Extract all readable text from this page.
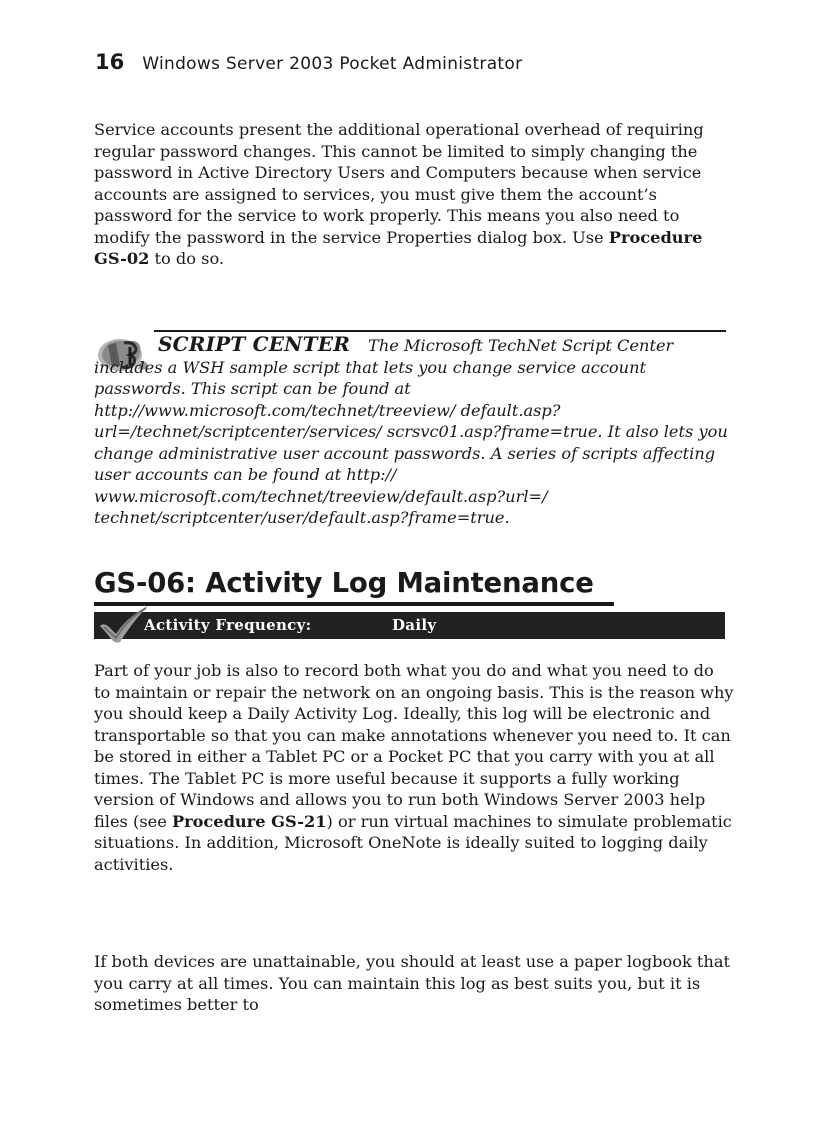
16 Windows Server 2003 Pocket Administrator

Service accounts present the additional operational overhead of requiring regular password changes. This cannot be limited to simply changing the password in Active Directory Users and Computers because when service accounts are assigned to services, you must give them the account’s password for the service to work properly. This means you also need to modify the password in the service Properties dialog box. Use Procedure GS-02 to do so.

SCRIPT CENTER The Microsoft TechNet Script Center includes a WSH sample script that lets you change service account passwords. This script can be found at http://www.microsoft.com/technet/treeview/ default.asp?url=/technet/scriptcenter/services/ scrsvc01.asp?frame=true. It also lets you change administrative user account passwords. A series of scripts affecting user accounts can be found at http:// www.microsoft.com/technet/treeview/default.asp?url=/ technet/scriptcenter/user/default.asp?frame=true.

GS-06: Activity Log Maintenance
Activity Frequency:	Daily

Part of your job is also to record both what you do and what you need to do to maintain or repair the network on an ongoing basis. This is the reason why you should keep a Daily Activity Log. Ideally, this log will be electronic and transportable so that you can make annotations whenever you need to. It can be stored in either a Tablet PC or a Pocket PC that you carry with you at all times. The Tablet PC is more useful because it supports a fully working version of Windows and allows you to run both Windows Server 2003 help files (see Procedure GS-21) or run virtual machines to simulate problematic situations. In addition, Microsoft OneNote is ideally suited to logging daily activities.

If both devices are unattainable, you should at least use a paper logbook that you carry at all times. You can maintain this log as best suits you, but it is sometimes better to
